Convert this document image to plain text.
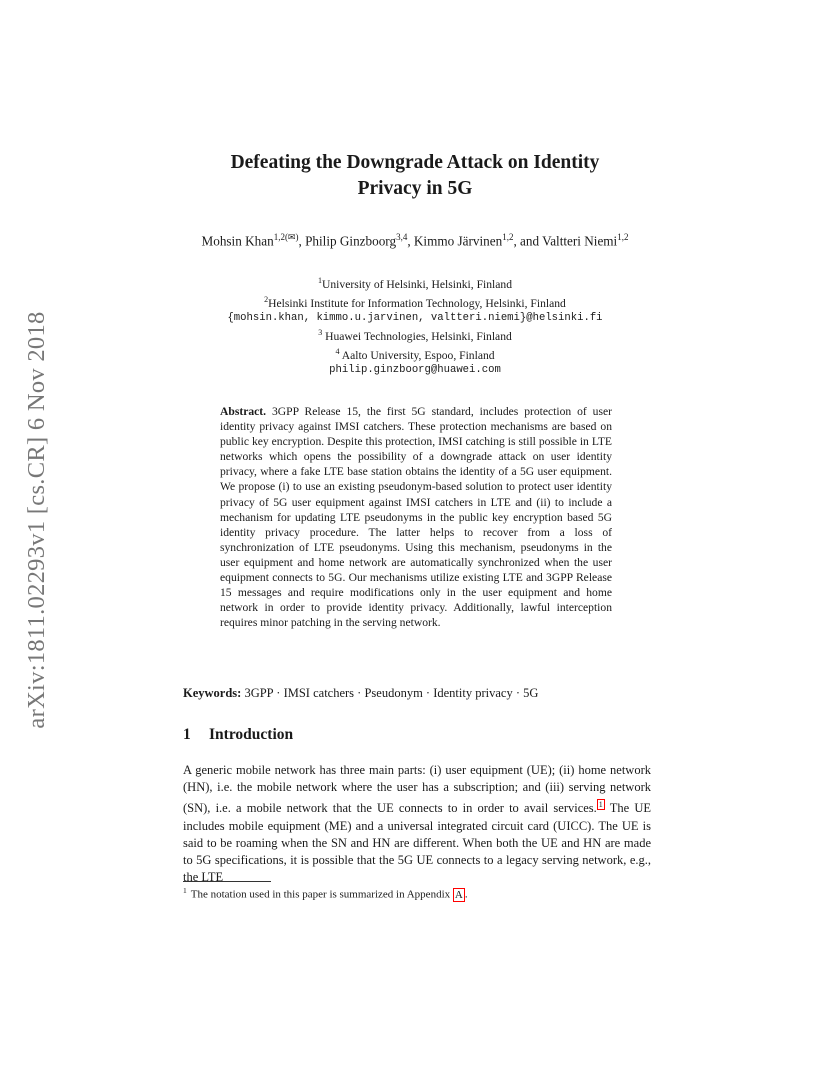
arXiv:1811.02293v1 [cs.CR] 6 Nov 2018
Defeating the Downgrade Attack on Identity
Privacy in 5G
Mohsin Khan$^{1,2(✉)}$, Philip Ginzboorg$^{3,4}$, Kimmo Järvinen$^{1,2}$, and Valtteri Niemi$^{1,2}$
$^1$University of Helsinki, Helsinki, Finland
$^2$Helsinki Institute for Information Technology, Helsinki, Finland
{mohsin.khan, kimmo.u.jarvinen, valtteri.niemi}@helsinki.fi
$^3$ Huawei Technologies, Helsinki, Finland
$^4$ Aalto University, Espoo, Finland
philip.ginzboorg@huawei.com
Abstract. 3GPP Release 15, the first 5G standard, includes protection of user identity privacy against IMSI catchers. These protection mechanisms are based on public key encryption. Despite this protection, IMSI catching is still possible in LTE networks which opens the possibility of a downgrade attack on user identity privacy, where a fake LTE base station obtains the identity of a 5G user equipment. We propose (i) to use an existing pseudonym-based solution to protect user identity privacy of 5G user equipment against IMSI catchers in LTE and (ii) to include a mechanism for updating LTE pseudonyms in the public key encryption based 5G identity privacy procedure. The latter helps to recover from a loss of synchronization of LTE pseudonyms. Using this mechanism, pseudonyms in the user equipment and home network are automatically synchronized when the user equipment connects to 5G. Our mechanisms utilize existing LTE and 3GPP Release 15 messages and require modifications only in the user equipment and home network in order to provide identity privacy. Additionally, lawful interception requires minor patching in the serving network.
Keywords: 3GPP · IMSI catchers · Pseudonym · Identity privacy · 5G
1 Introduction
A generic mobile network has three main parts: (i) user equipment (UE); (ii) home network (HN), i.e. the mobile network where the user has a subscription; and (iii) serving network (SN), i.e. a mobile network that the UE connects to in order to avail services. $^1$ The UE includes mobile equipment (ME) and a universal integrated circuit card (UICC). The UE is said to be roaming when the SN and HN are different. When both the UE and HN are made to 5G specifications, it is possible that the 5G UE connects to a legacy serving network, e.g., the LTE
$^1$ The notation used in this paper is summarized in Appendix A .
